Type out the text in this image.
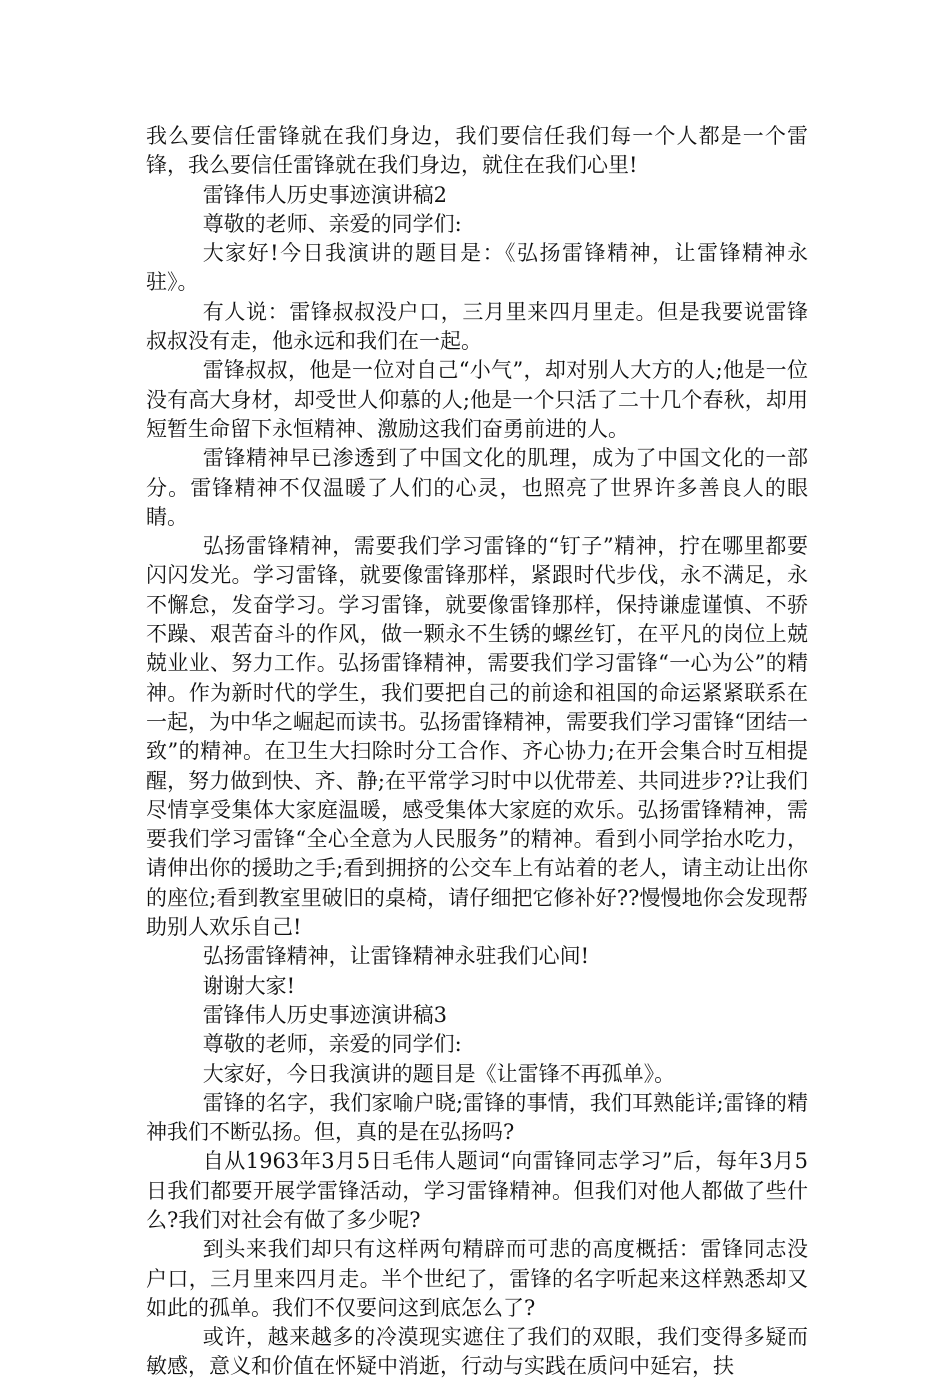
我么要信任雷锋就在我们身边，我们要信任我们每一个人都是一个雷锋，我么要信任雷锋就在我们身边，就住在我们心里!

雷锋伟人历史事迹演讲稿2

尊敬的老师、亲爱的同学们:

大家好!今日我演讲的题目是：《弘扬雷锋精神，让雷锋精神永驻》。

有人说：雷锋叔叔没户口，三月里来四月里走。但是我要说雷锋叔叔没有走，他永远和我们在一起。

雷锋叔叔，他是一位对自己“小气”，却对别人大方的人;他是一位没有高大身材，却受世人仰慕的人;他是一个只活了二十几个春秋，却用短暂生命留下永恒精神、激励这我们奋勇前进的人。

雷锋精神早已渗透到了中国文化的肌理，成为了中国文化的一部分。雷锋精神不仅温暖了人们的心灵，也照亮了世界许多善良人的眼睛。

弘扬雷锋精神，需要我们学习雷锋的“钉子”精神，拧在哪里都要闪闪发光。学习雷锋，就要像雷锋那样，紧跟时代步伐，永不满足，永不懈怠，发奋学习。学习雷锋，就要像雷锋那样，保持谦虚谨慎、不骄不躁、艰苦奋斗的作风，做一颗永不生锈的螺丝钉，在平凡的岗位上兢兢业业、努力工作。弘扬雷锋精神，需要我们学习雷锋“一心为公”的精神。作为新时代的学生，我们要把自己的前途和祖国的命运紧紧联系在一起，为中华之崛起而读书。弘扬雷锋精神，需要我们学习雷锋“团结一致”的精神。在卫生大扫除时分工合作、齐心协力;在开会集合时互相提醒，努力做到快、齐、静;在平常学习时中以优带差、共同进步??让我们尽情享受集体大家庭温暖，感受集体大家庭的欢乐。弘扬雷锋精神，需要我们学习雷锋“全心全意为人民服务”的精神。看到小同学抬水吃力，请伸出你的援助之手;看到拥挤的公交车上有站着的老人，请主动让出你的座位;看到教室里破旧的桌椅，请仔细把它修补好??慢慢地你会发现帮助别人欢乐自己!

弘扬雷锋精神，让雷锋精神永驻我们心间!

谢谢大家!

雷锋伟人历史事迹演讲稿3

尊敬的老师，亲爱的同学们:

大家好，今日我演讲的题目是《让雷锋不再孤单》。

雷锋的名字，我们家喻户晓;雷锋的事情，我们耳熟能详;雷锋的精神我们不断弘扬。但，真的是在弘扬吗?

自从1963年3月5日毛伟人题词“向雷锋同志学习”后，每年3月5日我们都要开展学雷锋活动，学习雷锋精神。但我们对他人都做了些什么?我们对社会有做了多少呢?

到头来我们却只有这样两句精辟而可悲的高度概括：雷锋同志没户口，三月里来四月走。半个世纪了，雷锋的名字听起来这样熟悉却又如此的孤单。我们不仅要问这到底怎么了?

或许，越来越多的冷漠现实遮住了我们的双眼，我们变得多疑而敏感，意义和价值在怀疑中消逝，行动与实践在质问中延宕，扶
